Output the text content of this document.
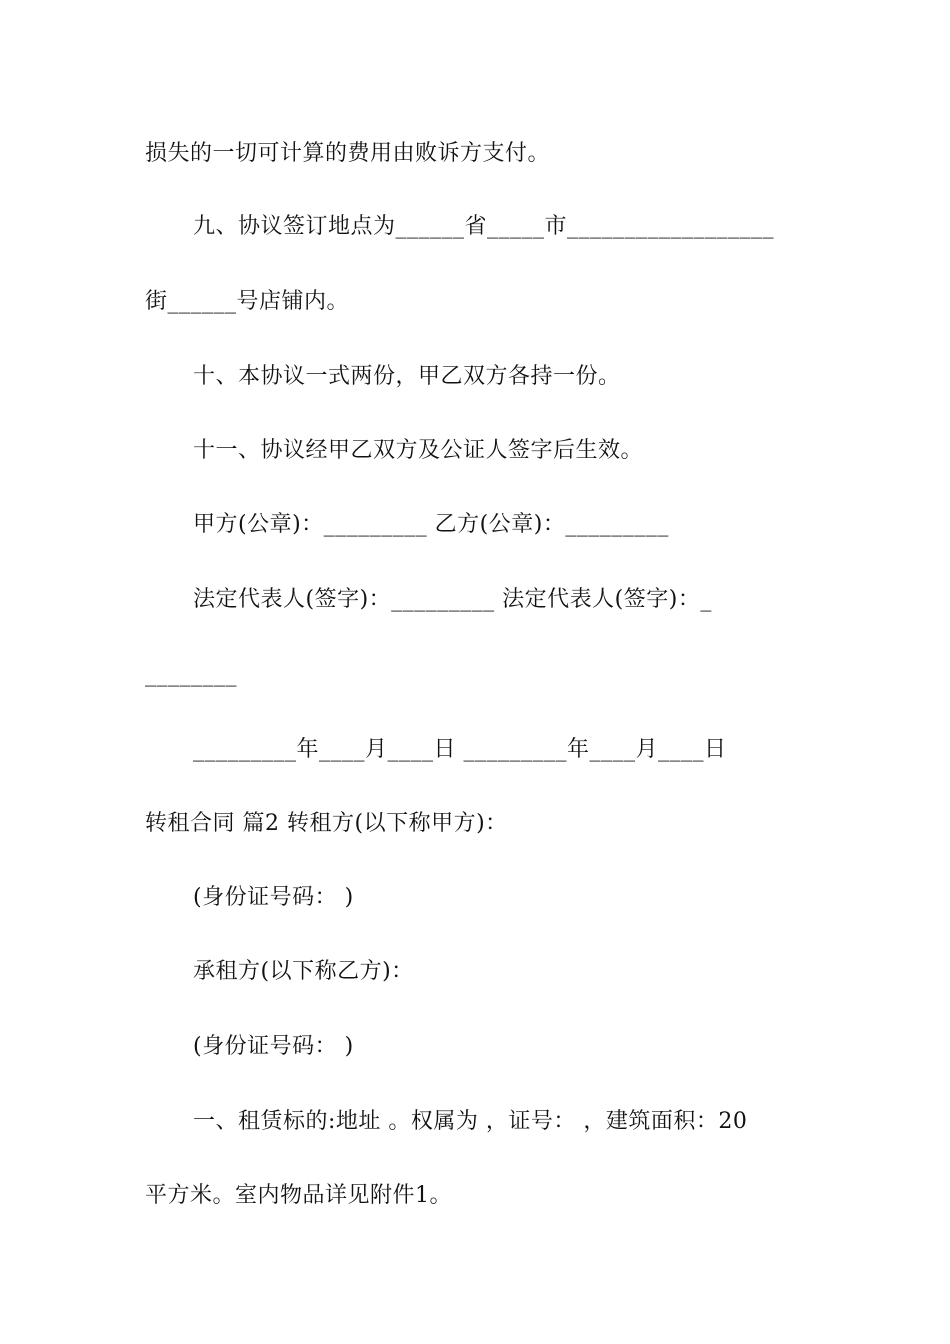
损失的一切可计算的费用由败诉方支付。
九、协议签订地点为______省_____市__________________
街______号店铺内。
十、本协议一式两份，甲乙双方各持一份。
十一、协议经甲乙双方及公证人签字后生效。
甲方(公章)：_________ 乙方(公章)：_________
法定代表人(签字)：_________ 法定代表人(签字)：_
________
_________年____月____日 _________年____月____日
转租合同 篇2 转租方(以下称甲方)：
(身份证号码： )
承租方(以下称乙方)：
(身份证号码： )
一、租赁标的:地址 。权属为 ，证号： ，建筑面积：20
平方米。室内物品详见附件1。
